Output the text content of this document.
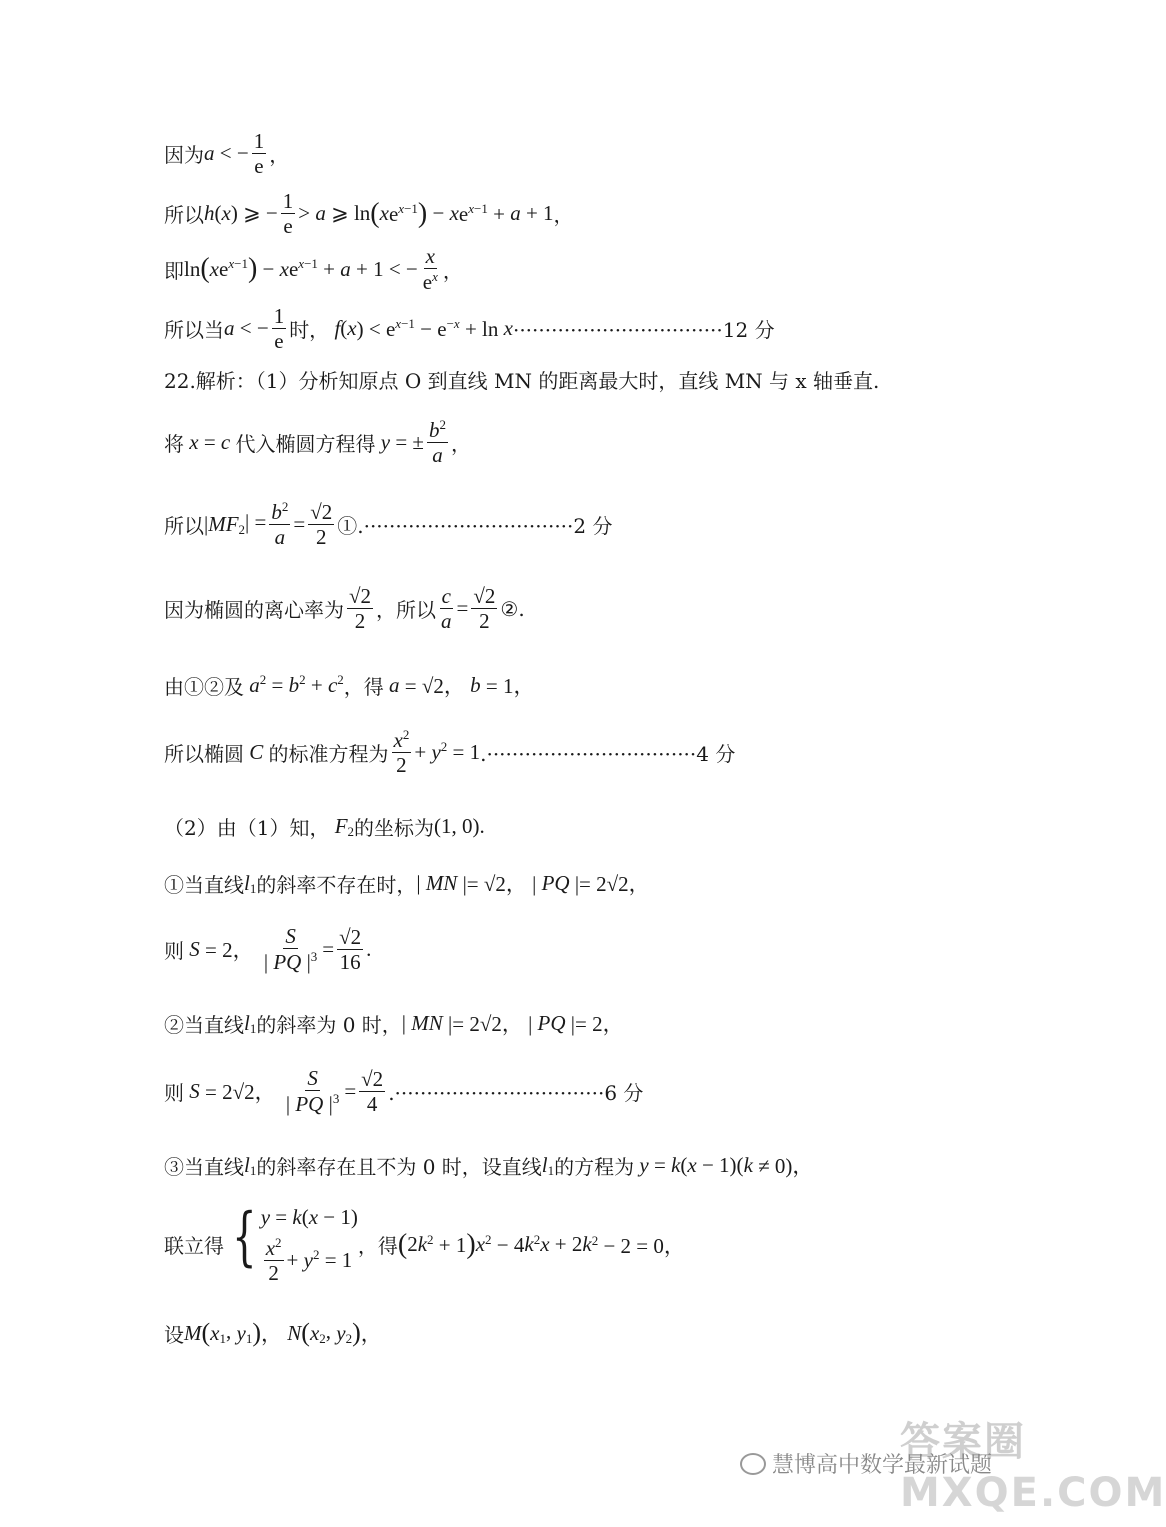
因为 a < − $\frac{1}{e}$ ，
所以 h ( x ) ⩾ − $\frac{1}{e} > a$ ⩾ ln ( x $e^{x-1}$ ) − x $e^{x-1} + a + 1$ ，
即 ln ( x $e^{x-1}$ ) − x $e^{x-1} + a + 1$ < − $\frac{x}{e^x}$ ，
所以当 a < − $\frac{1}{e}$ 时， f ( x ) < $e^{x-1} - e^{-x} + \ln x \cdot\cdot\cdot\cdot\cdot\cdot\cdot\cdot\cdot\cdot\cdot\cdot\cdot\cdot\cdot\cdot\cdot\cdot\cdot\cdot\cdot\cdot\cdot\cdot\cdot\cdot\cdot\cdot\cdot\cdot\cdot\cdot\cdot 12$ 分
22.解析：（1）分析知原点 O 到直线 MN 的距离最大时，直线 MN 与 x 轴垂直.
将 x = c 代入椭圆方程得 y = ± $\frac{b^2}{a}$ ，
所以 | MF $_2| = \frac{b^2}{a} = \frac{√2}{2}$ ①.·································2 分
因为椭圆的离心率为 $\frac{√2}{2}$ ，所以 $\frac{c}{a} = \frac{√2}{2}$ ②.
由①②及 a $^2$ = b $^2$ + c $^2$ ，得 a = √2， b = 1，
所以椭圆 C 的标准方程为 $\frac{x^2}{2} + y$ $^2$ = 1 .·································4 分
（2）由（1）知， F $_2$ 的坐标为 (1, 0).
①当直线 l $_1$ 的斜率不存在时， | MN |= √2， | PQ |= 2√2，
则 S = 2， $\frac{S}{| PQ |^3} = \frac{√2}{16}$ .
②当直线 l $_1$ 的斜率为 0 时， | MN |= 2√2， | PQ |= 2，
则 S = 2√2， $\frac{S}{| PQ |^3} = \frac{√2}{4} .\cdot\cdot\cdot\cdot\cdot\cdot\cdot\cdot\cdot\cdot\cdot\cdot\cdot\cdot\cdot\cdot\cdot\cdot\cdot\cdot\cdot\cdot\cdot\cdot\cdot\cdot\cdot\cdot\cdot\cdot\cdot\cdot\cdot 6$ 分
③当直线 l $_1$ 的斜率存在且不为 0 时，设直线 l $_1$ 的方程为 y = k ( x − 1)( k ≠ 0)，
联立得 { y = k(x − 1)
$\frac{x^2}{2} + y$ $^2$ = 1
，得 ( 2 k $^2$ + 1 ) x $^2$ − 4 k $^2$ x + 2 k $^2$ − 2 = 0，
设 M ( x $_1$, y $_1$ ) ， N ( x $_2$, y $_2$ ) ，
答案圈
慧博高中数学最新试题
MXQE.COM
